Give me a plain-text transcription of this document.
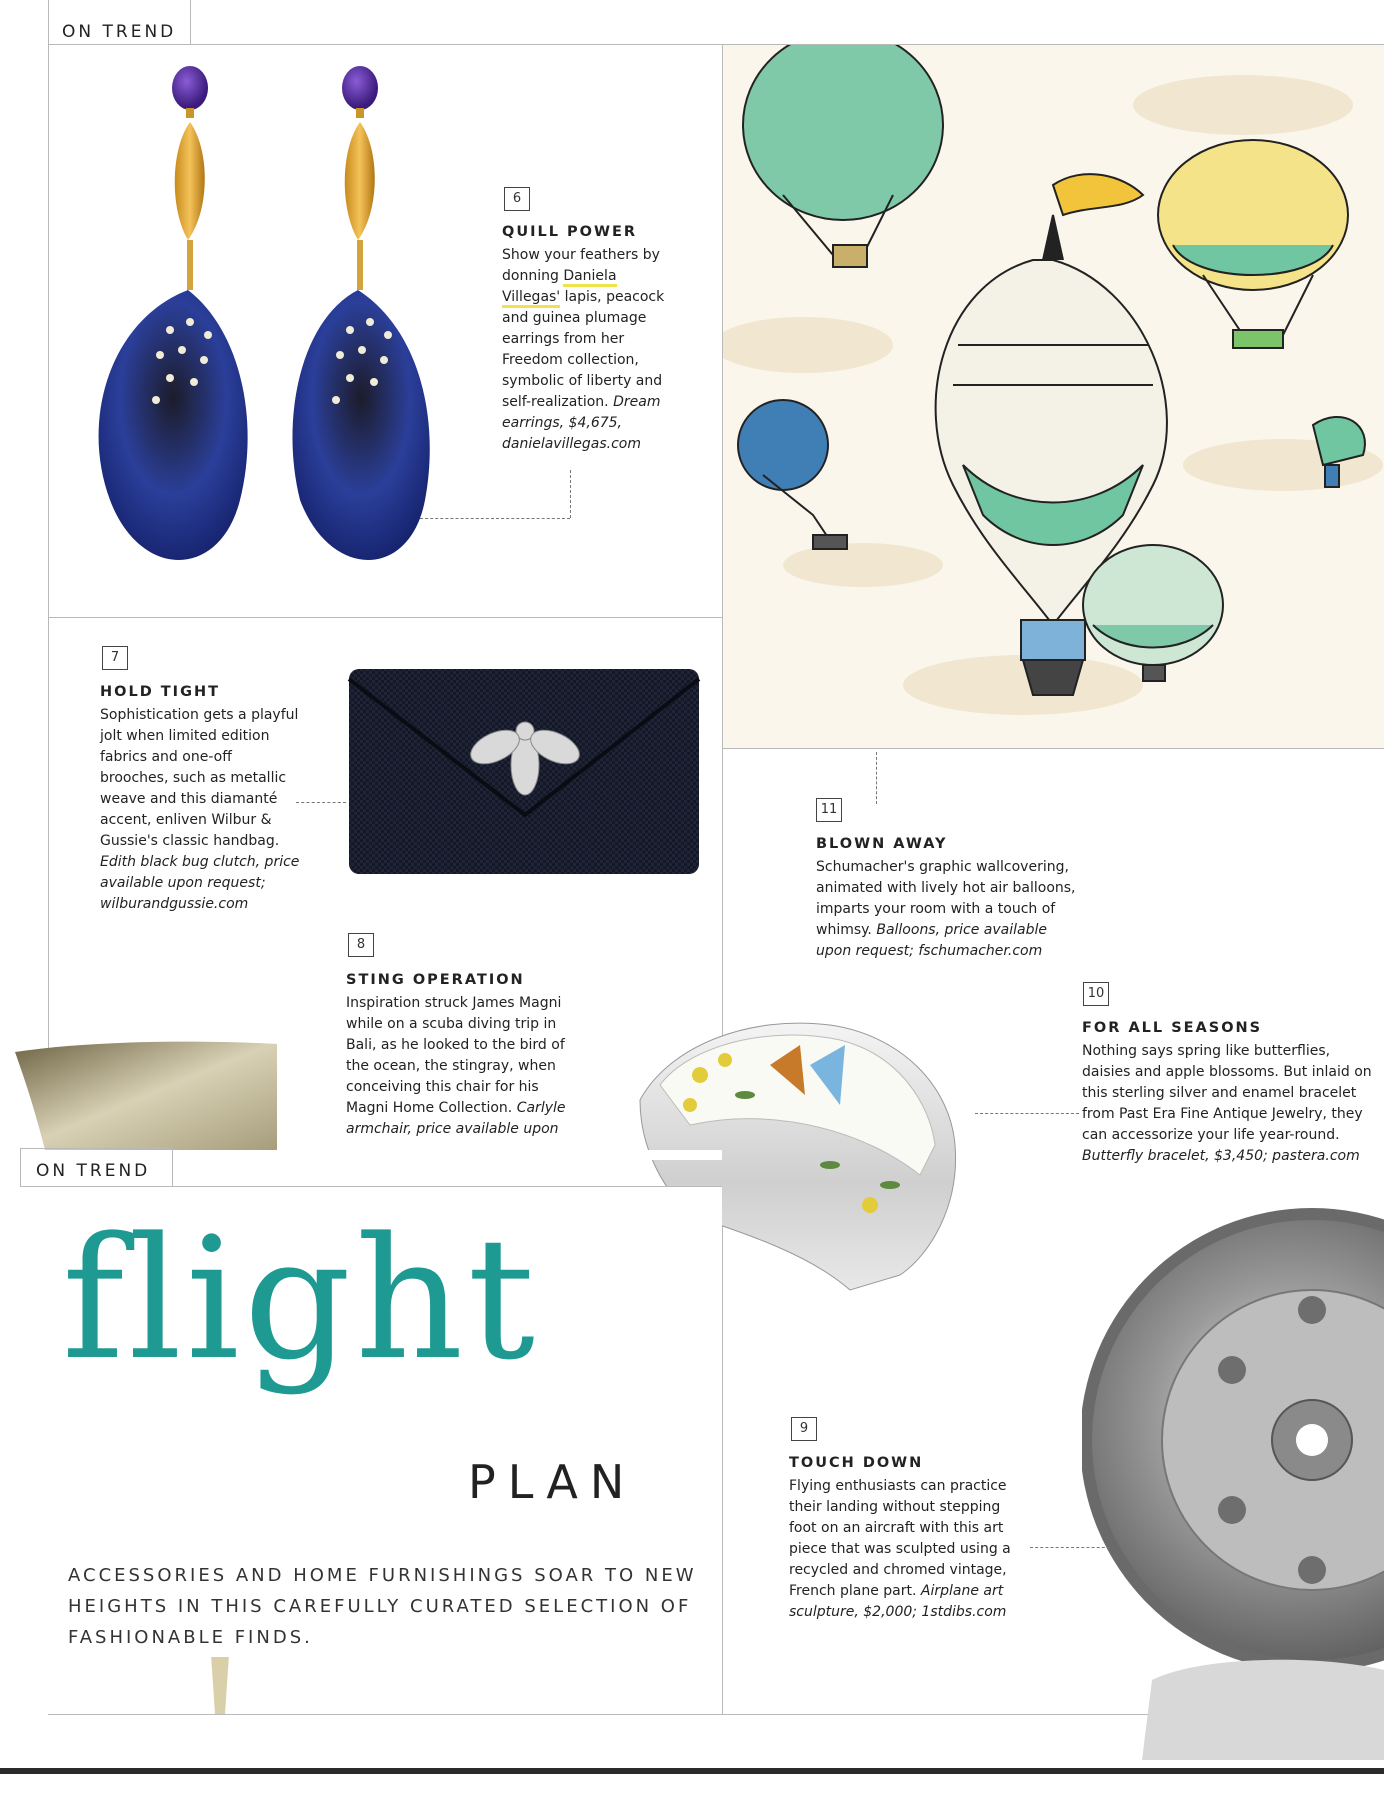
ON TREND
6
QUILL POWER
Show your feathers by donning Daniela Villegas' lapis, peacock and guinea plumage earrings from her Freedom collection, symbolic of liberty and self-realization. Dream earrings, $4,675, danielavillegas.com
11
BLOWN AWAY
Schumacher's graphic wallcovering, animated with lively hot air balloons, imparts your room with a touch of whimsy. Balloons, price available upon request; fschumacher.com
7
HOLD TIGHT
Sophistication gets a playful jolt when limited edition fabrics and one-off brooches, such as metallic weave and this diamanté accent, enliven Wilbur & Gussie's classic handbag. Edith black bug clutch, price available upon request; wilburandgussie.com
8
STING OPERATION
Inspiration struck James Magni while on a scuba diving trip in Bali, as he looked to the bird of the ocean, the stingray, when conceiving this chair for his Magni Home Collection. Carlyle armchair, price available upon
10
FOR ALL SEASONS
Nothing says spring like butterflies, daisies and apple blossoms. But inlaid on this sterling silver and enamel bracelet from Past Era Fine Antique Jewelry, they can accessorize your life year-round. Butterfly bracelet, $3,450; pastera.com
9
TOUCH DOWN
Flying enthusiasts can practice their landing without stepping foot on an aircraft with this art piece that was sculpted using a recycled and chromed vintage, French plane part. Airplane art sculpture, $2,000; 1stdibs.com
ON TREND
flight
PLAN
ACCESSORIES AND HOME FURNISHINGS SOAR TO NEW HEIGHTS IN THIS CAREFULLY CURATED SELECTION OF FASHIONABLE FINDS.
